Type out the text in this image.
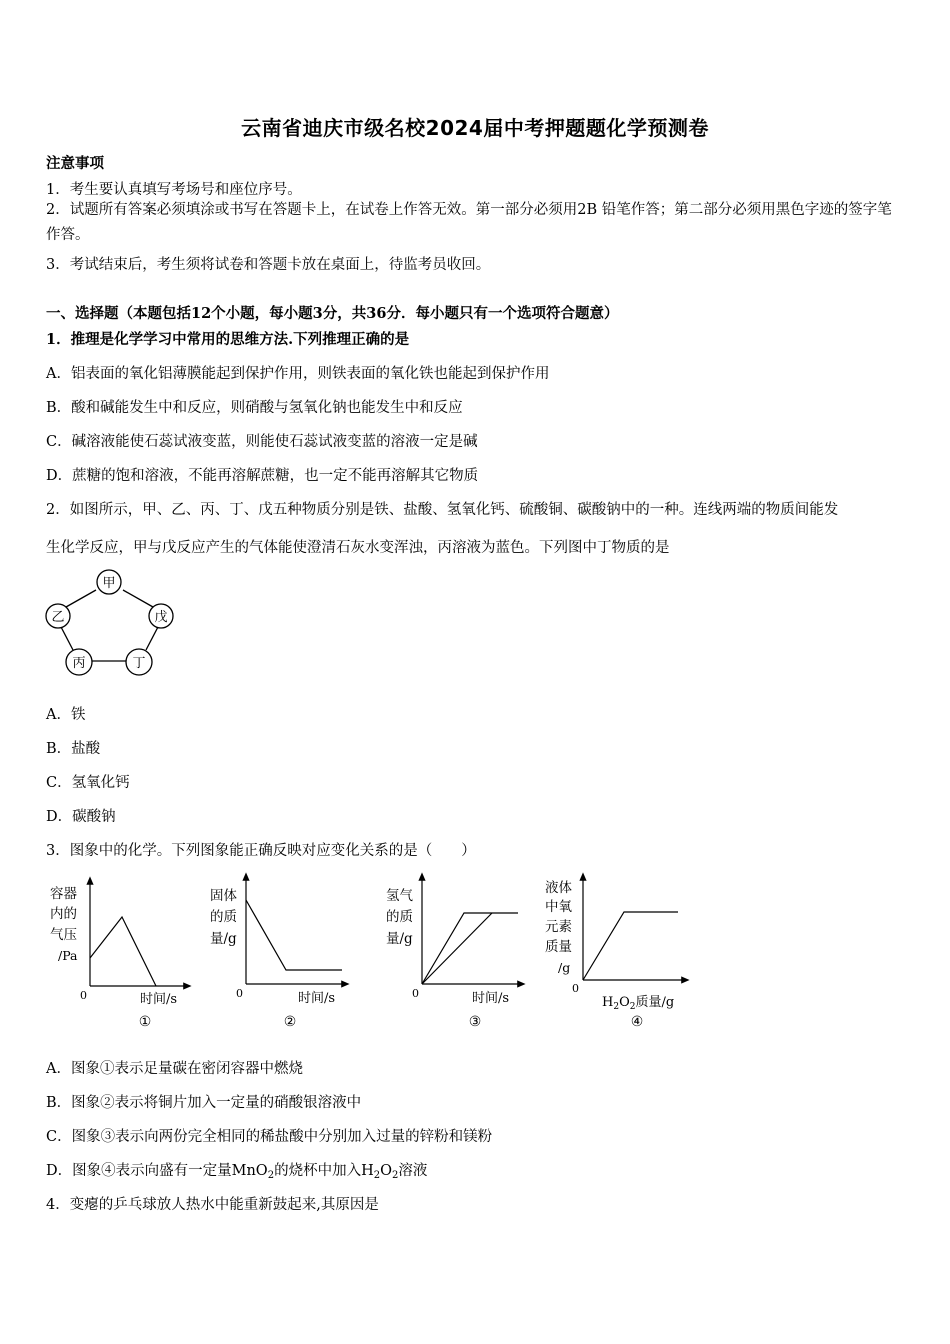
云南省迪庆市级名校2024届中考押题题化学预测卷
注意事项
1．考生要认真填写考场号和座位序号。
2．试题所有答案必须填涂或书写在答题卡上，在试卷上作答无效。第一部分必须用2B 铅笔作答；第二部分必须用黑色字迹的签字笔作答。
3．考试结束后，考生须将试卷和答题卡放在桌面上，待监考员收回。
一、选择题（本题包括12个小题，每小题3分，共36分．每小题只有一个选项符合题意）
1．推理是化学学习中常用的思维方法.下列推理正确的是
A．铝表面的氧化铝薄膜能起到保护作用，则铁表面的氧化铁也能起到保护作用
B．酸和碱能发生中和反应，则硝酸与氢氧化钠也能发生中和反应
C．碱溶液能使石蕊试液变蓝，则能使石蕊试液变蓝的溶液一定是碱
D．蔗糖的饱和溶液，不能再溶解蔗糖，也一定不能再溶解其它物质
2．如图所示，甲、乙、丙、丁、戊五种物质分别是铁、盐酸、氢氧化钙、硫酸铜、碳酸钠中的一种。连线两端的物质间能发
生化学反应，甲与戊反应产生的气体能使澄清石灰水变浑浊，丙溶液为蓝色。下列图中丁物质的是
甲
乙	戊
丙	丁
A．铁
B．盐酸
C．氢氧化钙
D．碳酸钠
3．图象中的化学。下列图象能正确反映对应变化关系的是（　　）
容器
内的
气压
/Pa
0	时间/s
①
固体
的质
量/g
0	时间/s
②
氢气
的质
量/g
0	时间/s
③
液体
中氧
元素
质量
/g
0
$H_2O_2$质量/g
④
A．图象①表示足量碳在密闭容器中燃烧
B．图象②表示将铜片加入一定量的硝酸银溶液中
C．图象③表示向两份完全相同的稀盐酸中分别加入过量的锌粉和镁粉
D．图象④表示向盛有一定量MnO$_2$的烧杯中加入$H_2O_2$溶液
4．变瘪的乒乓球放人热水中能重新鼓起来,其原因是
